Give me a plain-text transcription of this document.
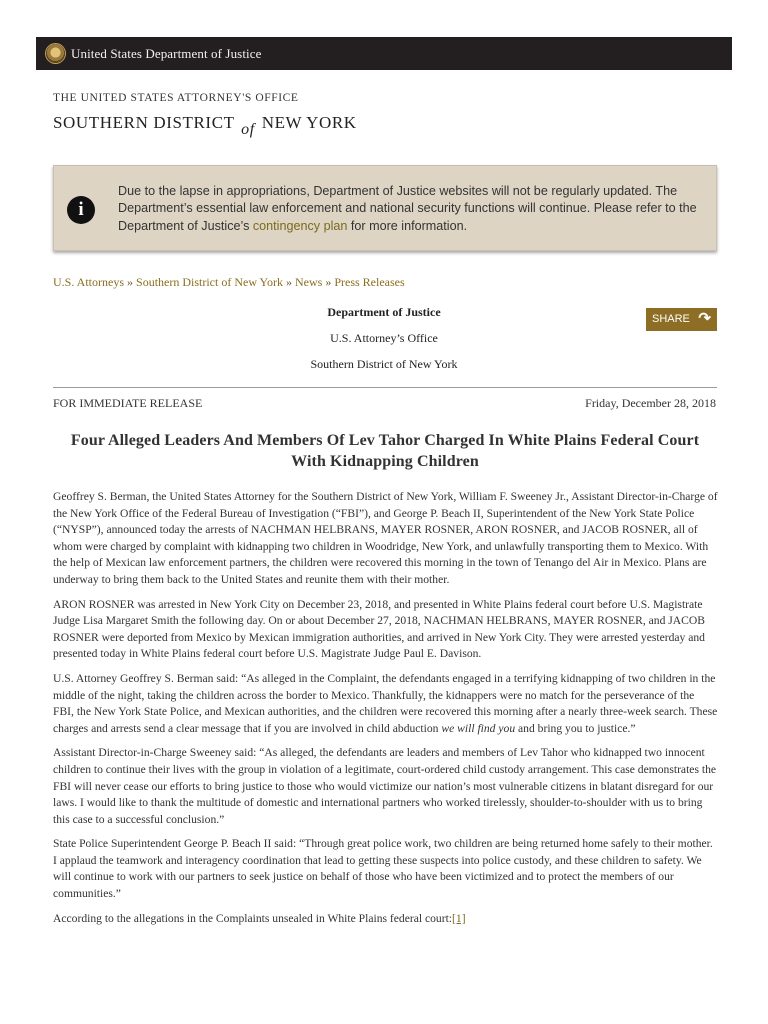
United States Department of Justice
THE UNITED STATES ATTORNEY'S OFFICE
SOUTHERN DISTRICT of NEW YORK
i
Due to the lapse in appropriations, Department of Justice websites will not be regularly updated. The Department’s essential law enforcement and national security functions will continue. Please refer to the Department of Justice’s contingency plan for more information.
U.S. Attorneys » Southern District of New York » News » Press Releases
Department of Justice
U.S. Attorney’s Office
Southern District of New York
SHARE ↷
FOR IMMEDIATE RELEASE	Friday, December 28, 2018
Four Alleged Leaders And Members Of Lev Tahor Charged In White Plains Federal Court With Kidnapping Children

Geoffrey S. Berman, the United States Attorney for the Southern District of New York, William F. Sweeney Jr., Assistant Director-in-Charge of the New York Office of the Federal Bureau of Investigation (“FBI”), and George P. Beach II, Superintendent of the New York State Police (“NYSP”), announced today the arrests of NACHMAN HELBRANS, MAYER ROSNER, ARON ROSNER, and JACOB ROSNER, all of whom were charged by complaint with kidnapping two children in Woodridge, New York, and unlawfully transporting them to Mexico. With the help of Mexican law enforcement partners, the children were recovered this morning in the town of Tenango del Air in Mexico. Plans are underway to bring them back to the United States and reunite them with their mother.

ARON ROSNER was arrested in New York City on December 23, 2018, and presented in White Plains federal court before U.S. Magistrate Judge Lisa Margaret Smith the following day. On or about December 27, 2018, NACHMAN HELBRANS, MAYER ROSNER, and JACOB ROSNER were deported from Mexico by Mexican immigration authorities, and arrived in New York City. They were arrested yesterday and presented today in White Plains federal court before U.S. Magistrate Judge Paul E. Davison.

U.S. Attorney Geoffrey S. Berman said: “As alleged in the Complaint, the defendants engaged in a terrifying kidnapping of two children in the middle of the night, taking the children across the border to Mexico. Thankfully, the kidnappers were no match for the perseverance of the FBI, the New York State Police, and Mexican authorities, and the children were recovered this morning after a nearly three-week search. These charges and arrests send a clear message that if you are involved in child abduction we will find you and bring you to justice.”

Assistant Director-in-Charge Sweeney said: “As alleged, the defendants are leaders and members of Lev Tahor who kidnapped two innocent children to continue their lives with the group in violation of a legitimate, court-ordered child custody arrangement. This case demonstrates the FBI will never cease our efforts to bring justice to those who would victimize our nation’s most vulnerable citizens in blatant disregard for our laws. I would like to thank the multitude of domestic and international partners who worked tirelessly, shoulder-to-shoulder with us to bring this case to a successful conclusion.”

State Police Superintendent George P. Beach II said: “Through great police work, two children are being returned home safely to their mother. I applaud the teamwork and interagency coordination that lead to getting these suspects into police custody, and these children to safety. We will continue to work with our partners to seek justice on behalf of those who have been victimized and to protect the members of our communities.”

According to the allegations in the Complaints unsealed in White Plains federal court:[1]
